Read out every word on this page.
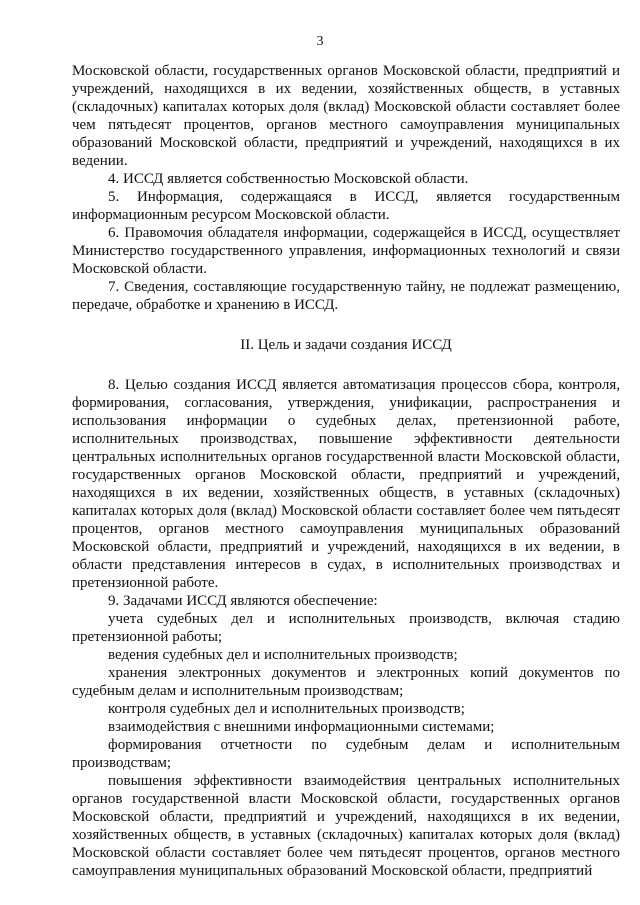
3

Московской области, государственных органов Московской области, предприятий и учреждений, находящихся в их ведении, хозяйственных обществ, в уставных (складочных) капиталах которых доля (вклад) Московской области составляет более чем пятьдесят процентов, органов местного самоуправления муниципальных образований Московской области, предприятий и учреждений, находящихся в их ведении.

4. ИССД является собственностью Московской области.

5. Информация, содержащаяся в ИССД, является государственным информационным ресурсом Московской области.

6. Правомочия обладателя информации, содержащейся в ИССД, осуществляет Министерство государственного управления, информационных технологий и связи Московской области.

7. Сведения, составляющие государственную тайну, не подлежат размещению, передаче, обработке и хранению в ИССД.

II. Цель и задачи создания ИССД

8. Целью создания ИССД является автоматизация процессов сбора, контроля, формирования, согласования, утверждения, унификации, распространения и использования информации о судебных делах, претензионной работе, исполнительных производствах, повышение эффективности деятельности центральных исполнительных органов государственной власти Московской области, государственных органов Московской области, предприятий и учреждений, находящихся в их ведении, хозяйственных обществ, в уставных (складочных) капиталах которых доля (вклад) Московской области составляет более чем пятьдесят процентов, органов местного самоуправления муниципальных образований Московской области, предприятий и учреждений, находящихся в их ведении, в области представления интересов в судах, в исполнительных производствах и претензионной работе.

9. Задачами ИССД являются обеспечение:

учета судебных дел и исполнительных производств, включая стадию претензионной работы;

ведения судебных дел и исполнительных производств;

хранения электронных документов и электронных копий документов по судебным делам и исполнительным производствам;

контроля судебных дел и исполнительных производств;

взаимодействия с внешними информационными системами;

формирования отчетности по судебным делам и исполнительным производствам;

повышения эффективности взаимодействия центральных исполнительных органов государственной власти Московской области, государственных органов Московской области, предприятий и учреждений, находящихся в их ведении, хозяйственных обществ, в уставных (складочных) капиталах которых доля (вклад) Московской области составляет более чем пятьдесят процентов, органов местного самоуправления муниципальных образований Московской области, предприятий
